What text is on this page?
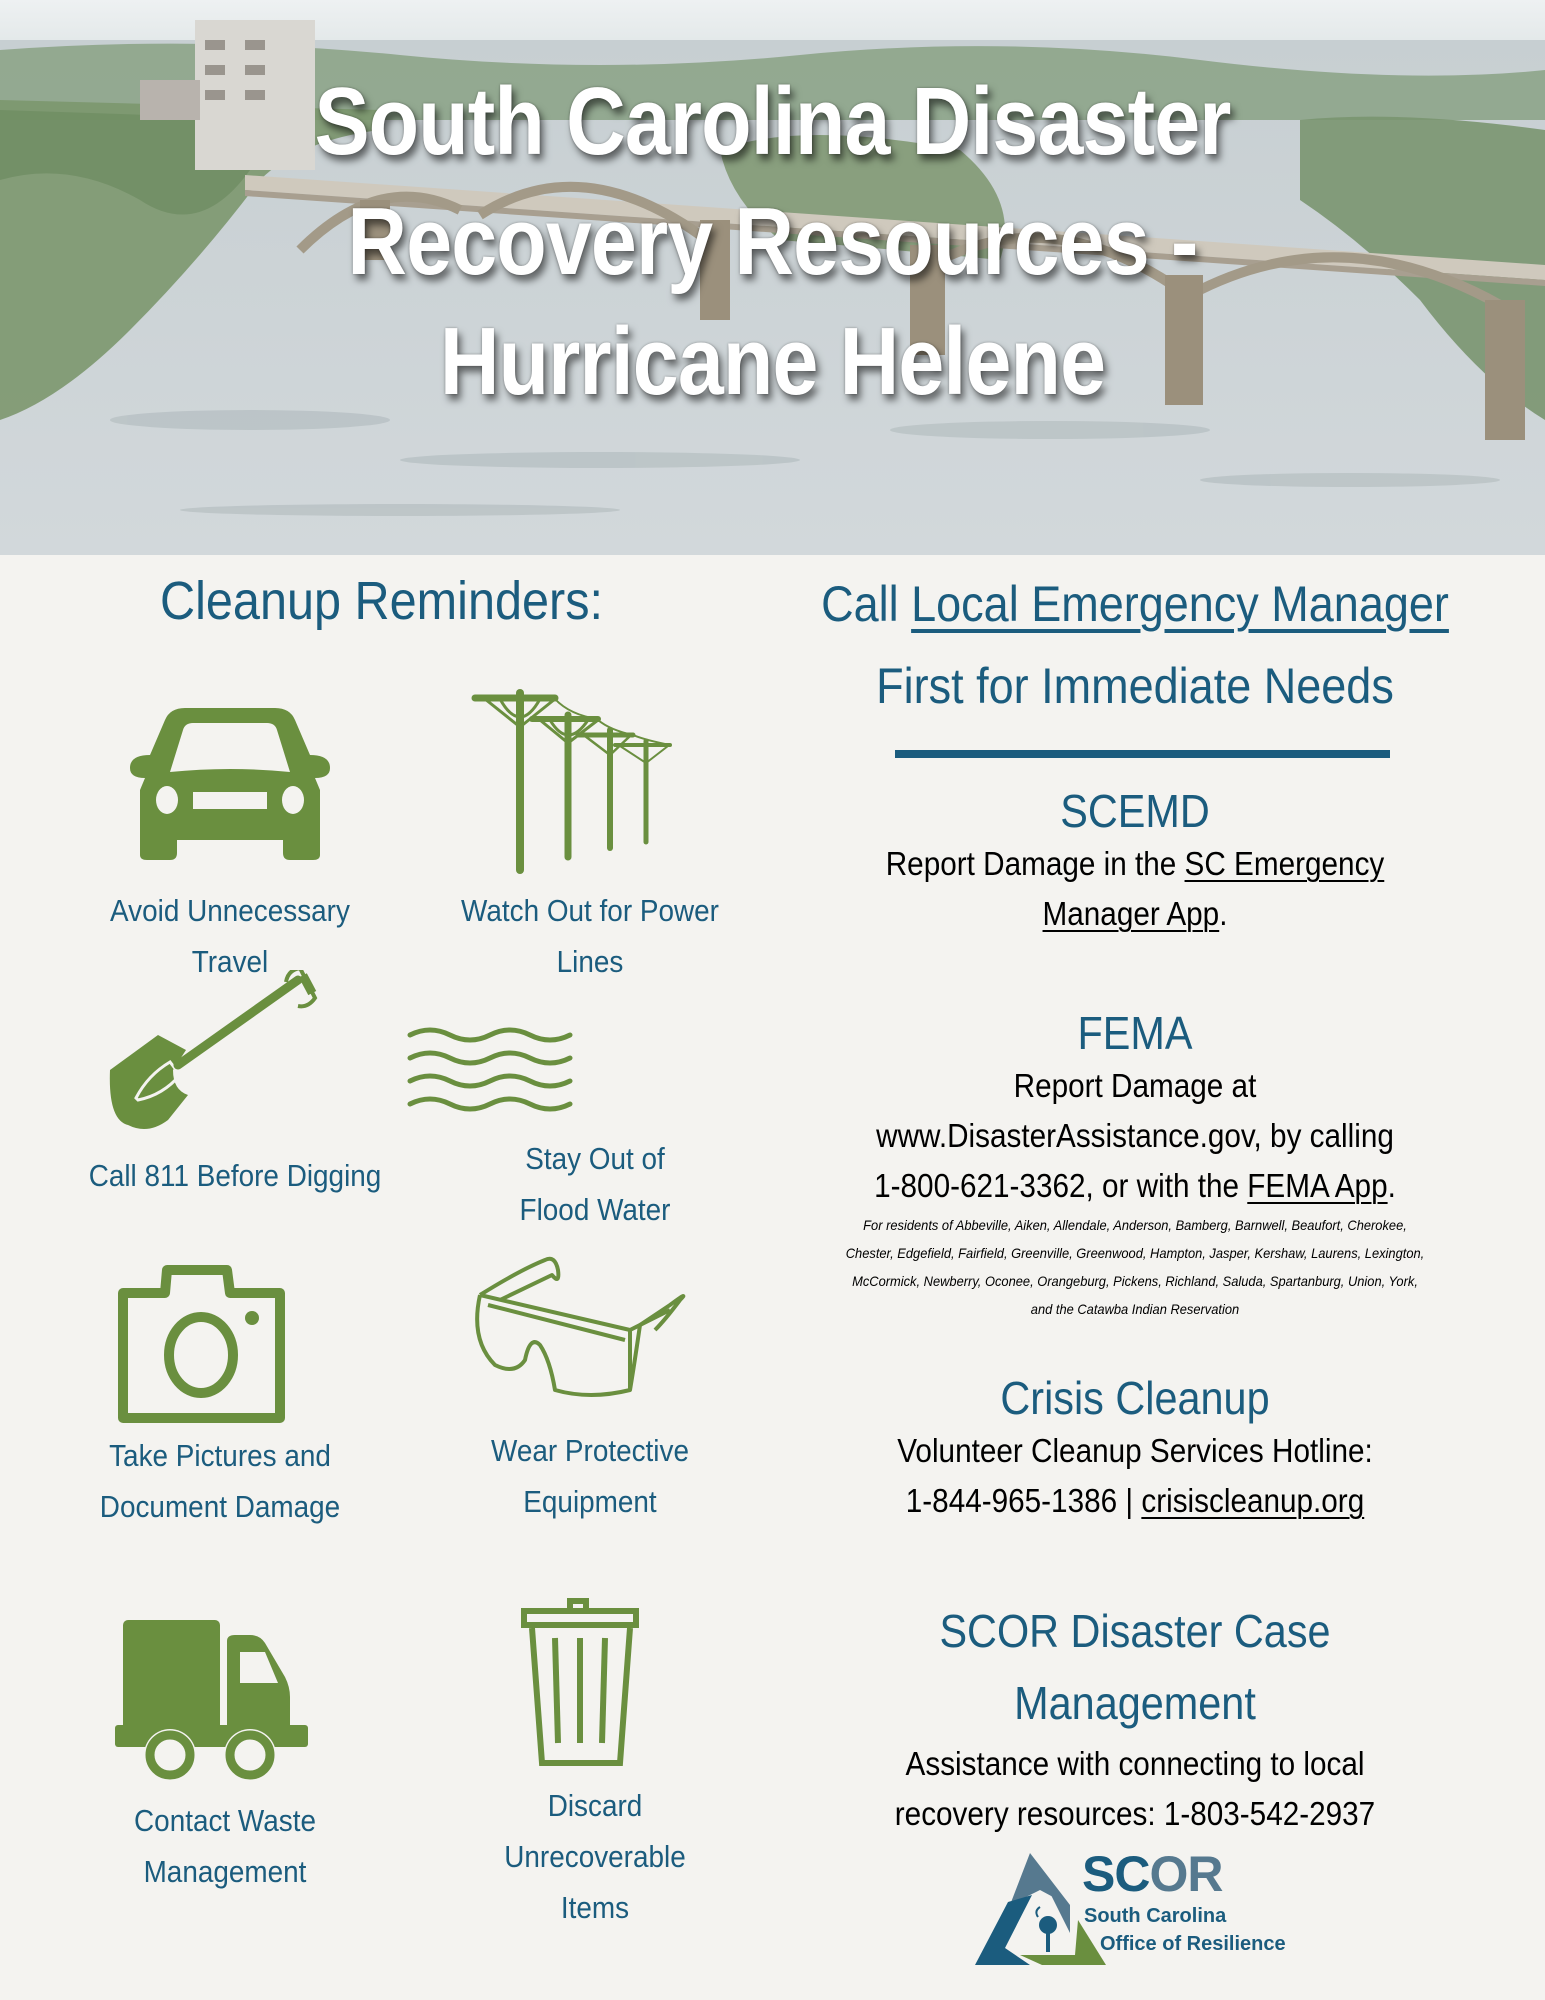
South Carolina Disaster
Recovery Resources -
Hurricane Helene
Cleanup Reminders:
Avoid Unnecessary
Travel
Watch Out for Power
Lines
Call 811 Before Digging	Stay Out of
Flood Water
Take Pictures and
Document Damage
Wear Protective
Equipment
Contact Waste
Management
Discard
Unrecoverable
Items
Call Local Emergency Manager
First for Immediate Needs
SCEMD
Report Damage in the SC Emergency
Manager App.
FEMA
Report Damage at
www.DisasterAssistance.gov, by calling
1-800-621-3362, or with the FEMA App.
For residents of Abbeville, Aiken, Allendale, Anderson, Bamberg, Barnwell, Beaufort, Cherokee,
Chester, Edgefield, Fairfield, Greenville, Greenwood, Hampton, Jasper, Kershaw, Laurens, Lexington,
McCormick, Newberry, Oconee, Orangeburg, Pickens, Richland, Saluda, Spartanburg, Union, York,
and the Catawba Indian Reservation
Crisis Cleanup
Volunteer Cleanup Services Hotline:
1-844-965-1386 | crisiscleanup.org
SCOR Disaster Case
Management
Assistance with connecting to local
recovery resources: 1-803-542-2937
SCOR
South Carolina
Office of Resilience
